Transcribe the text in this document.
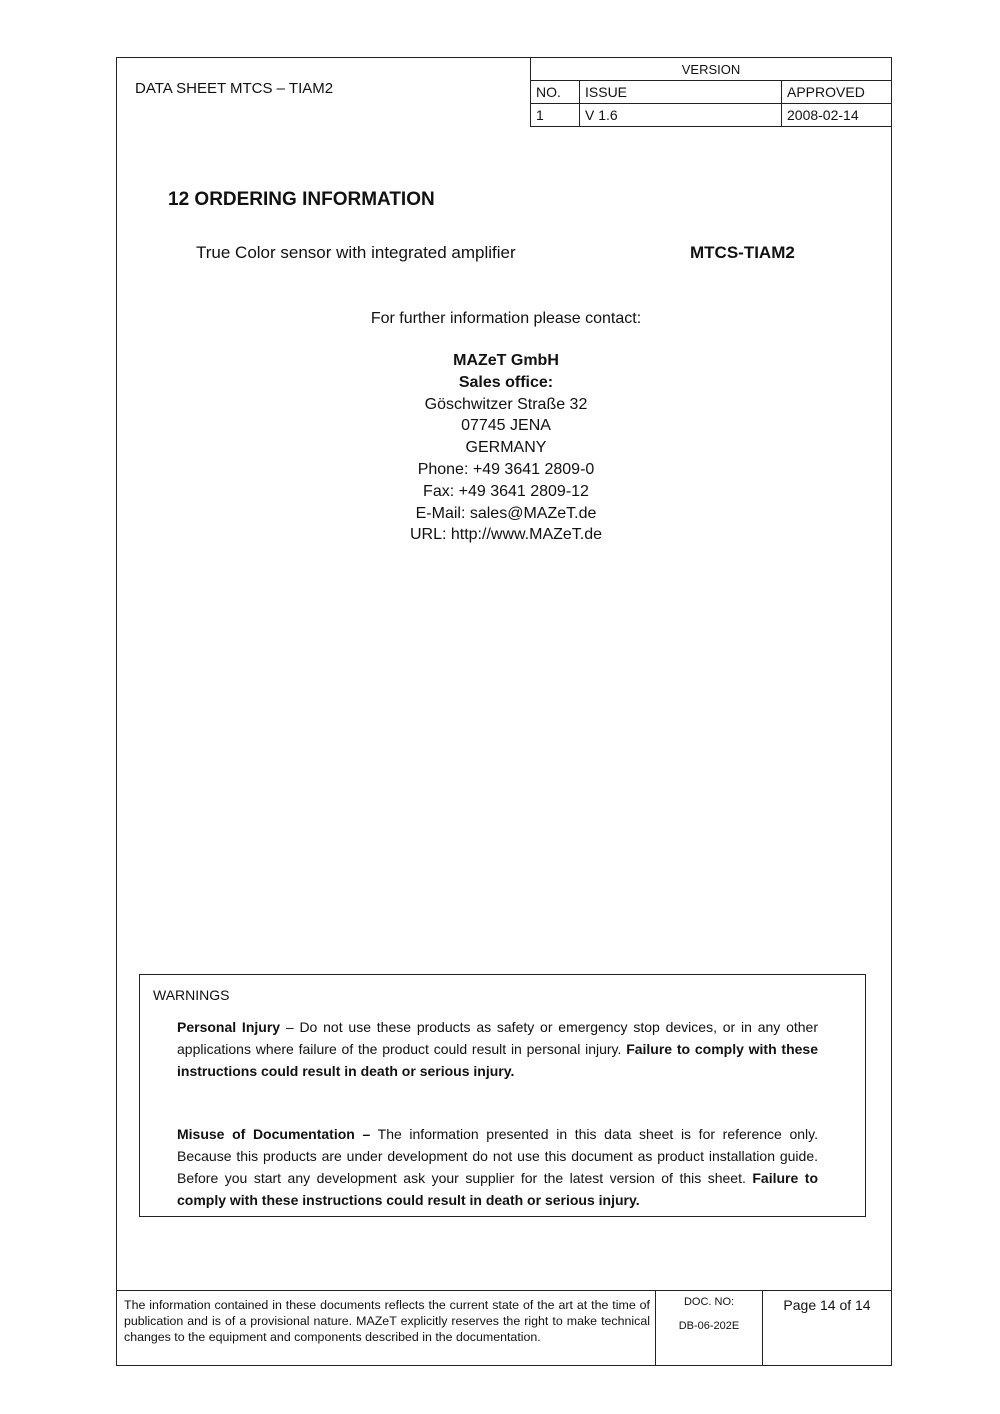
DATA SHEET MTCS – TIAM2
VERSION		
NO.	ISSUE	APPROVED
1	V 1.6	2008-02-14
12 ORDERING INFORMATION
True Color sensor with integrated amplifier	MTCS-TIAM2
For further information please contact:
MAZeT GmbH
Sales office:
Göschwitzer Straße 32
07745 JENA
GERMANY
Phone: +49 3641 2809-0
Fax: +49 3641 2809-12
E-Mail: sales@MAZeT.de
URL: http://www.MAZeT.de
WARNINGS
Personal Injury – Do not use these products as safety or emergency stop devices, or in any other applications where failure of the product could result in personal injury. Failure to comply with these instructions could result in death or serious injury.
Misuse of Documentation – The information presented in this data sheet is for reference only. Because this products are under development do not use this document as product installation guide. Before you start any development ask your supplier for the latest version of this sheet. Failure to comply with these instructions could result in death or serious injury.
The information contained in these documents reflects the current state of the art at the time of publication and is of a provisional nature. MAZeT explicitly reserves the right to make technical changes to the equipment and components described in the documentation.
DOC. NO:
DB-06-202E
Page 14 of 14
